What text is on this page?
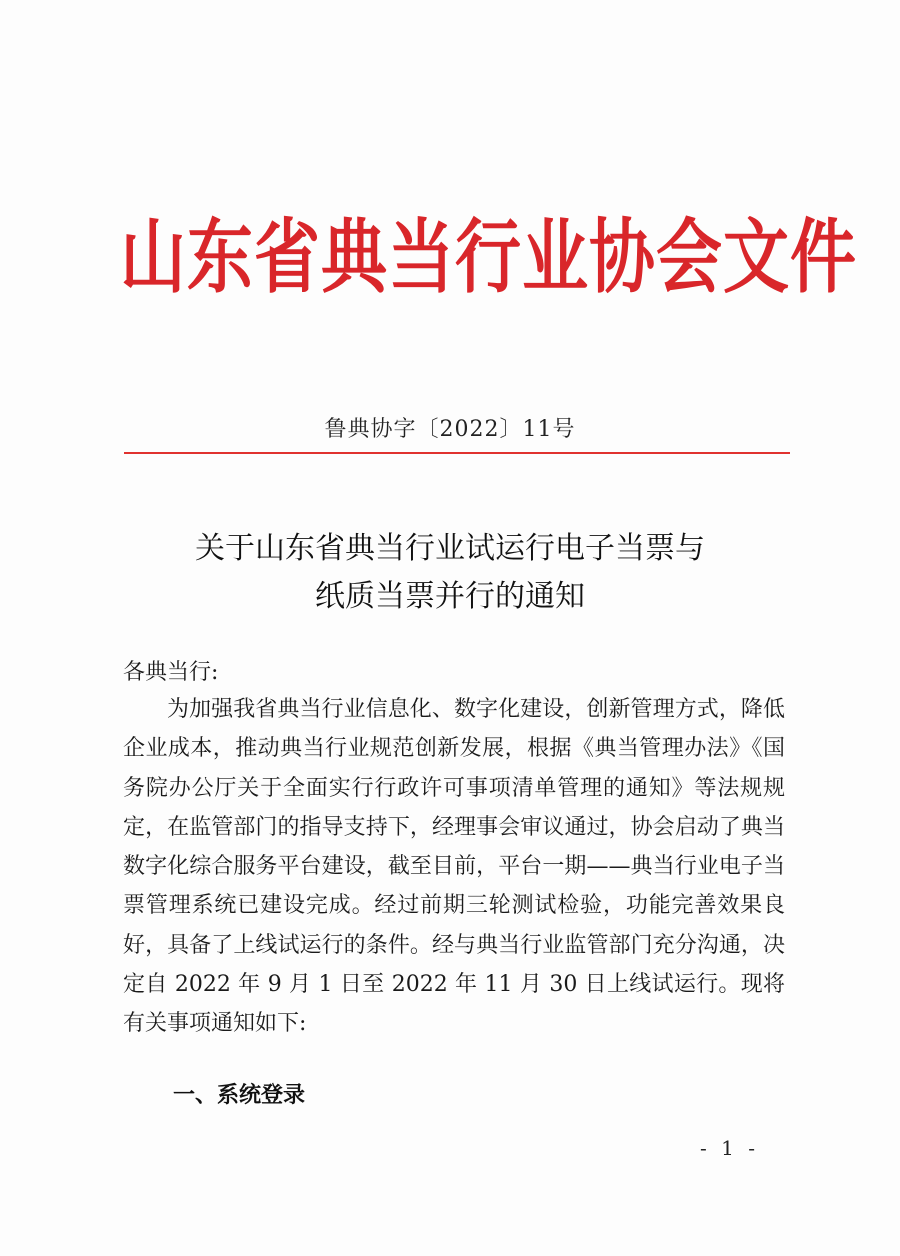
山东省典当行业协会文件
鲁典协字〔2022〕11号
关于山东省典当行业试运行电子当票与
纸质当票并行的通知
各典当行:

为加强我省典当行业信息化、数字化建设，创新管理方式，降低企业成本，推动典当行业规范创新发展，根据《典当管理办法》《国务院办公厅关于全面实行行政许可事项清单管理的通知》等法规规定，在监管部门的指导支持下，经理事会审议通过，协会启动了典当数字化综合服务平台建设，截至目前，平台一期——典当行业电子当票管理系统已建设完成。经过前期三轮测试检验，功能完善效果良好，具备了上线试运行的条件。经与典当行业监管部门充分沟通，决定自 2022 年 9 月 1 日至 2022 年 11 月 30 日上线试运行。现将有关事项通知如下:

一、系统登录
- 1 -
